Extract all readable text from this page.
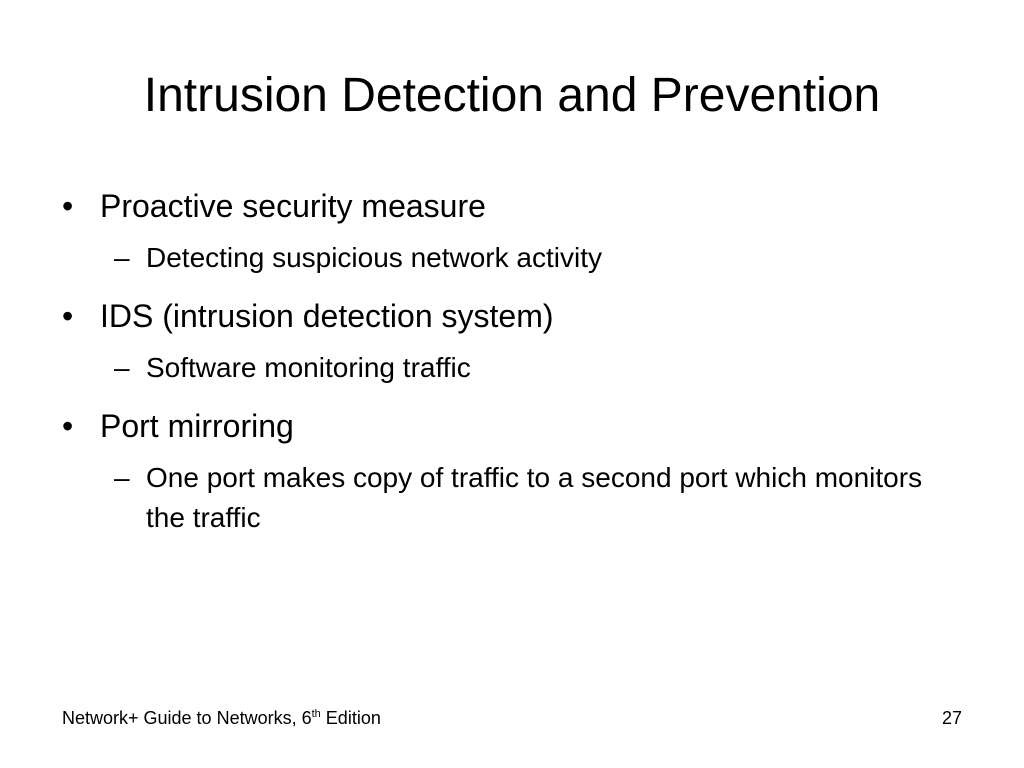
Intrusion Detection and Prevention
• Proactive security measure
– Detecting suspicious network activity
• IDS (intrusion detection system)
– Software monitoring traffic
• Port mirroring
– One port makes copy of traffic to a second port which monitors the traffic
Network+ Guide to Networks, 6th Edition	27
